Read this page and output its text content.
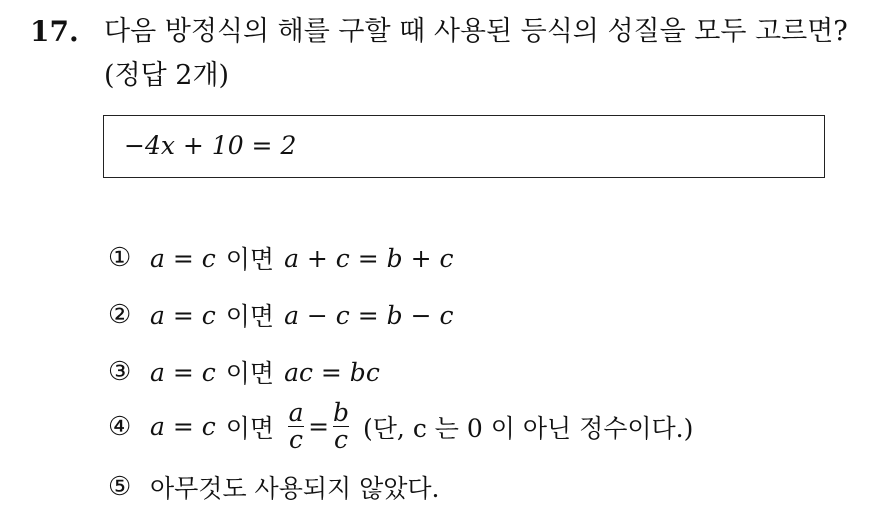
17. 다음 방정식의 해를 구할 때 사용된 등식의 성질을 모두 고르면?(정답 2개)
−4x + 10 = 2
① a = c 이면 a + c = b + c
② a = c 이면 a − c = b − c
③ a = c 이면 ac = bc
④ a = c 이면 $\frac{a}{c} = \frac{b}{c}$ (단, c 는 0 이 아닌 정수이다.)
⑤ 아무것도 사용되지 않았다.
